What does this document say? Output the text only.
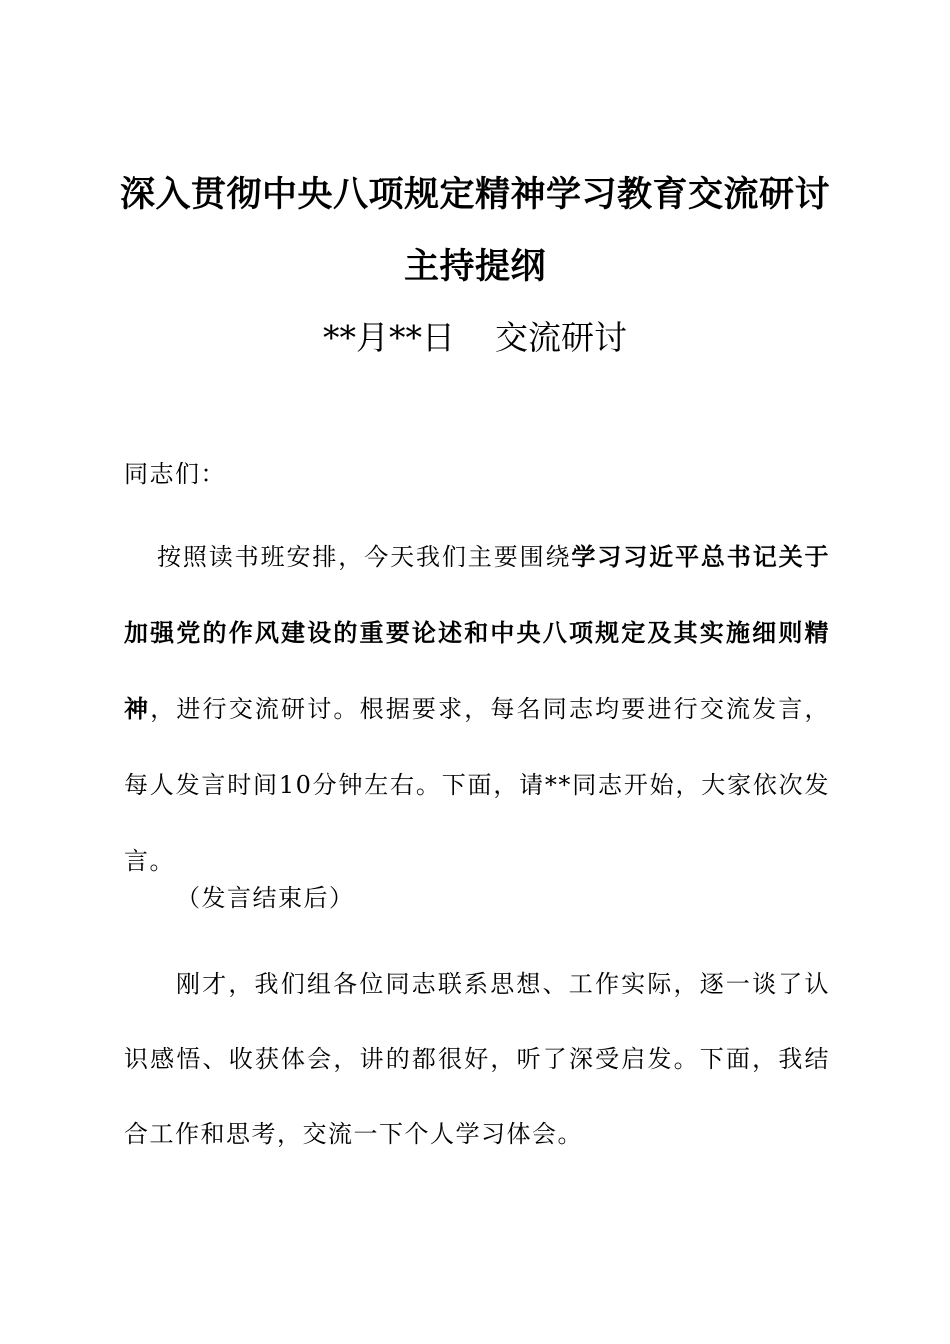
深入贯彻中央八项规定精神学习教育交流研讨
主持提纲
**月**日 交流研讨
同志们：
按照读书班安排，今天我们主要围绕学习习近平总书记关于加强党的作风建设的重要论述和中央八项规定及其实施细则精神，进行交流研讨。根据要求，每名同志均要进行交流发言，每人发言时间10分钟左右。下面，请**同志开始，大家依次发言。
（发言结束后）
刚才，我们组各位同志联系思想、工作实际，逐一谈了认识感悟、收获体会，讲的都很好，听了深受启发。下面，我结合工作和思考，交流一下个人学习体会。
